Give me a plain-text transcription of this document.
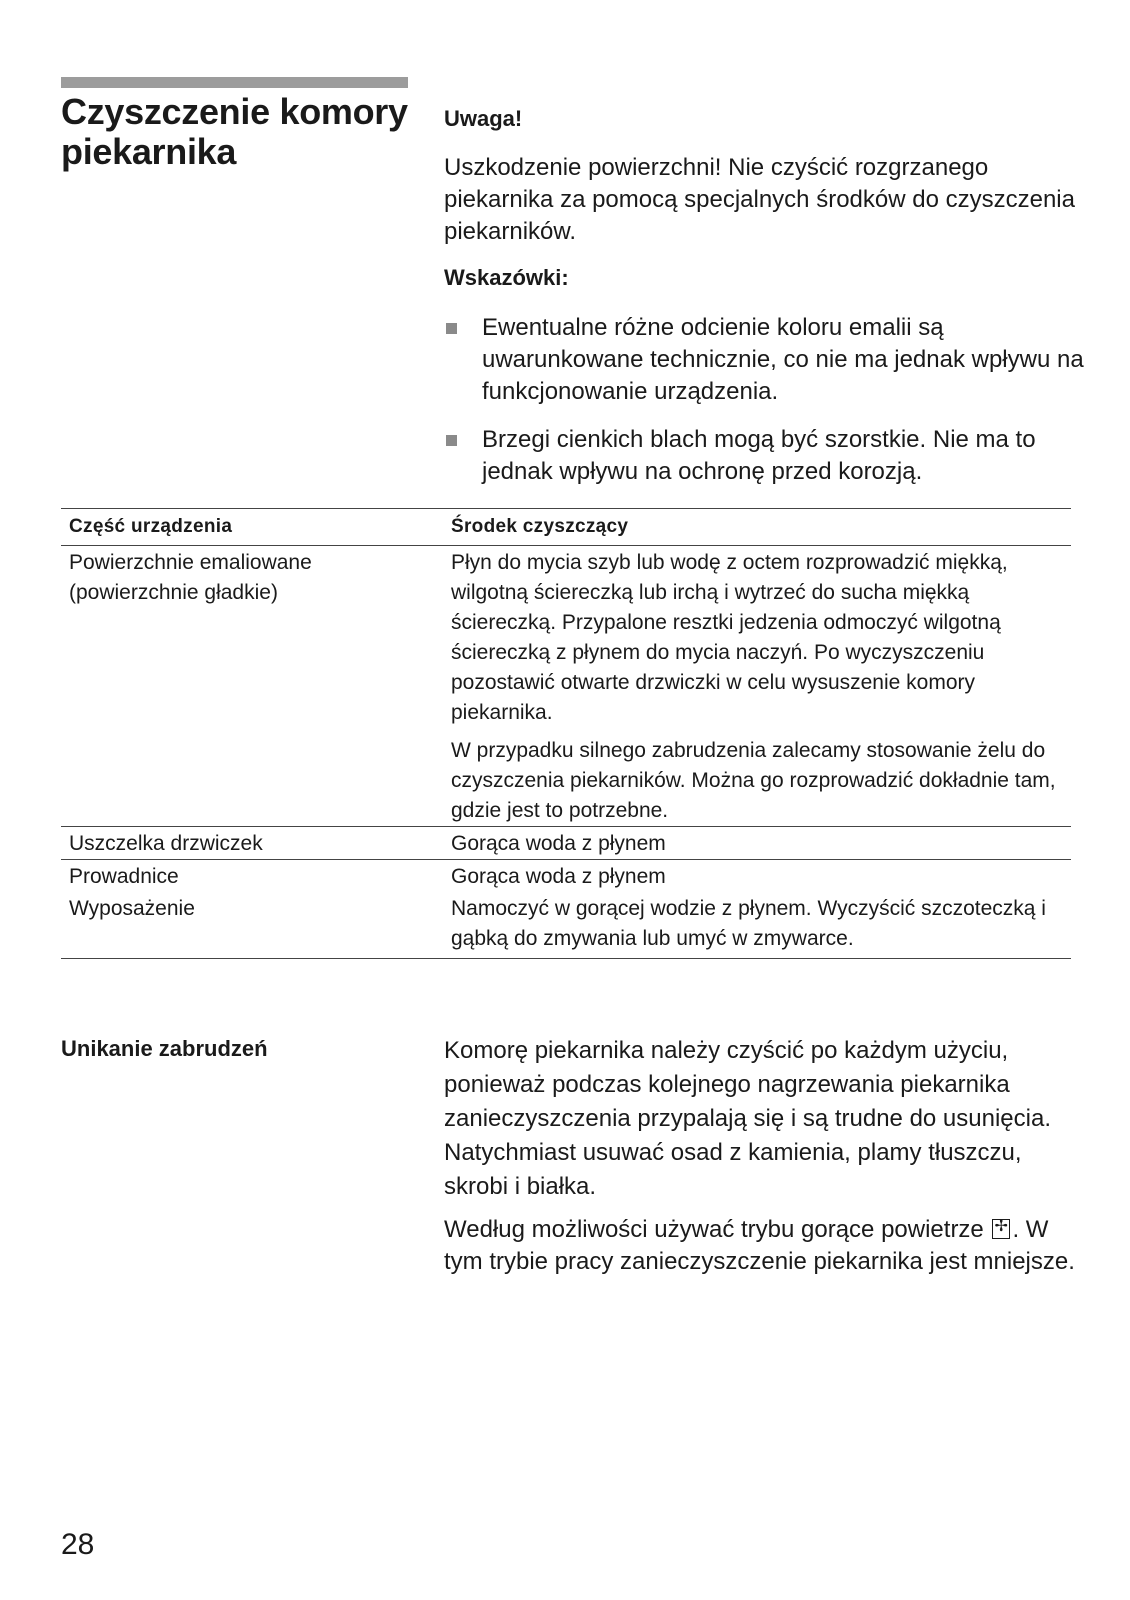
Czyszczenie komory piekarnika
Uwaga!
Uszkodzenie powierzchni! Nie czyścić rozgrzanego piekarnika za pomocą specjalnych środków do czyszczenia piekarników.
Wskazówki:
Ewentualne różne odcienie koloru emalii są uwarunkowane technicznie, co nie ma jednak wpływu na funkcjonowanie urządzenia.
Brzegi cienkich blach mogą być szorstkie. Nie ma to jednak wpływu na ochronę przed korozją.
Część urządzenia	Środek czyszczący
Powierzchnie emaliowane (powierzchnie gładkie)	Płyn do mycia szyb lub wodę z octem rozprowadzić miękką, wilgotną ściereczką lub irchą i wytrzeć do sucha miękką ściereczką. Przypalone resztki jedzenia odmoczyć wilgotną ściereczką z płynem do mycia naczyń. Po wyczyszczeniu pozostawić otwarte drzwiczki w celu wysuszenie komory piekarnika.

W przypadku silnego zabrudzenia zalecamy stosowanie żelu do czyszczenia piekarników. Można go rozprowadzić dokładnie tam, gdzie jest to potrzebne.

Uszczelka drzwiczek	Gorąca woda z płynem
Prowadnice	Gorąca woda z płynem
Wyposażenie	Namoczyć w gorącej wodzie z płynem. Wyczyścić szczoteczką i gąbką do zmywania lub umyć w zmywarce.
Unikanie zabrudzeń	Komorę piekarnika należy czyścić po każdym użyciu, ponieważ podczas kolejnego nagrzewania piekarnika zanieczyszczenia przypalają się i są trudne do usunięcia. Natychmiast usuwać osad z kamienia, plamy tłuszczu, skrobi i białka.
Według możliwości używać trybu gorące powietrze ✢ . W tym trybie pracy zanieczyszczenie piekarnika jest mniejsze.
28
